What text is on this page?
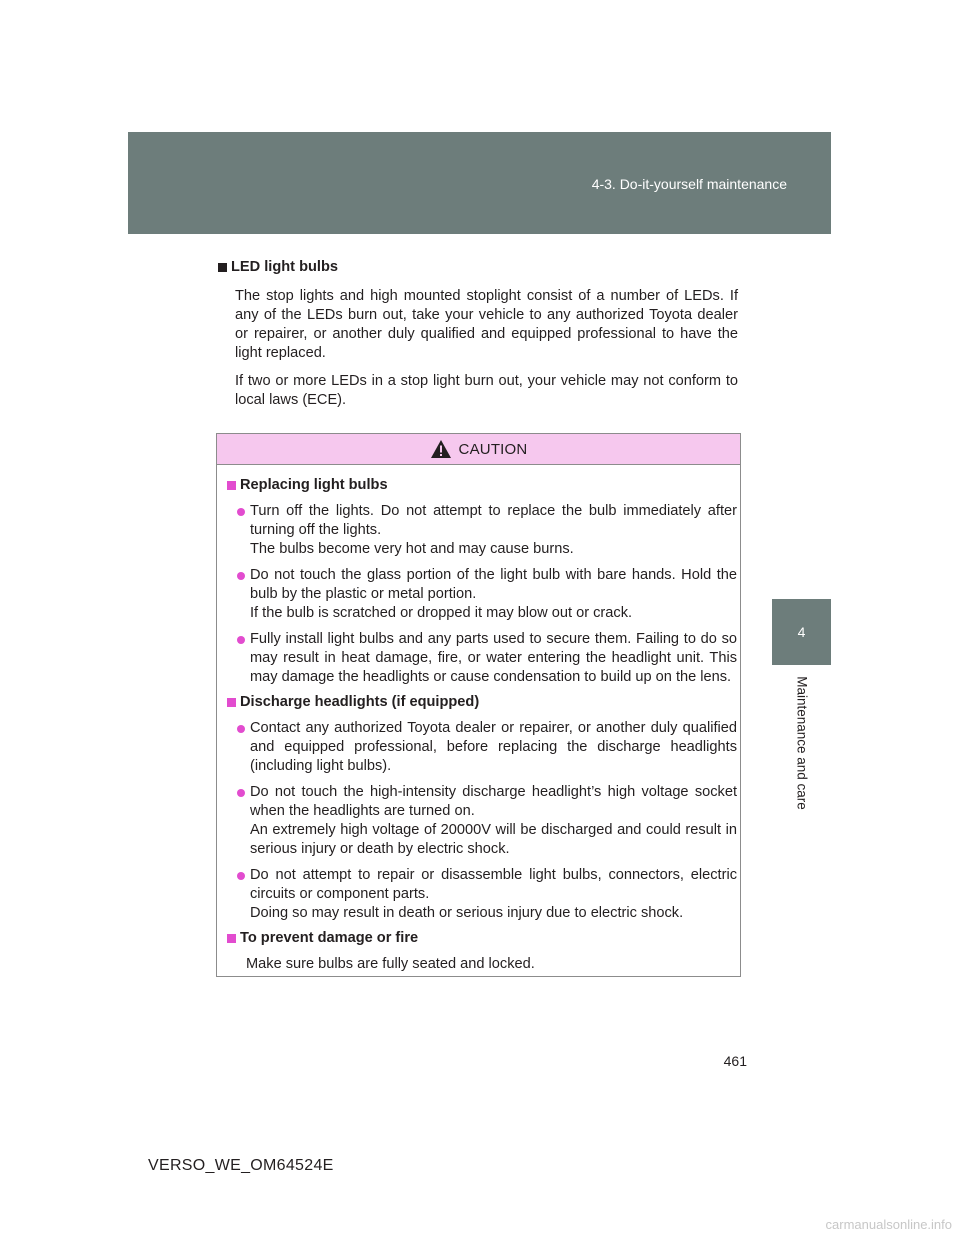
4-3. Do-it-yourself maintenance
4
Maintenance and care
LED light bulbs

The stop lights and high mounted stoplight consist of a number of LEDs. If any of the LEDs burn out, take your vehicle to any authorized Toyota dealer or repairer, or another duly qualified and equipped professional to have the light replaced.

If two or more LEDs in a stop light burn out, your vehicle may not conform to local laws (ECE).

CAUTION
Replacing light bulbs

Turn off the lights. Do not attempt to replace the bulb immediately after turning off the lights.

The bulbs become very hot and may cause burns.

Do not touch the glass portion of the light bulb with bare hands. Hold the bulb by the plastic or metal portion.

If the bulb is scratched or dropped it may blow out or crack.

Fully install light bulbs and any parts used to secure them. Failing to do so may result in heat damage, fire, or water entering the headlight unit. This may damage the headlights or cause condensation to build up on the lens.

Discharge headlights (if equipped)

Contact any authorized Toyota dealer or repairer, or another duly qualified and equipped professional, before replacing the discharge headlights (including light bulbs).

Do not touch the high-intensity discharge headlight’s high voltage socket when the headlights are turned on.

An extremely high voltage of 20000V will be discharged and could result in serious injury or death by electric shock.

Do not attempt to repair or disassemble light bulbs, connectors, electric circuits or component parts.

Doing so may result in death or serious injury due to electric shock.

To prevent damage or fire

Make sure bulbs are fully seated and locked.

461
VERSO_WE_OM64524E
carmanualsonline.info
